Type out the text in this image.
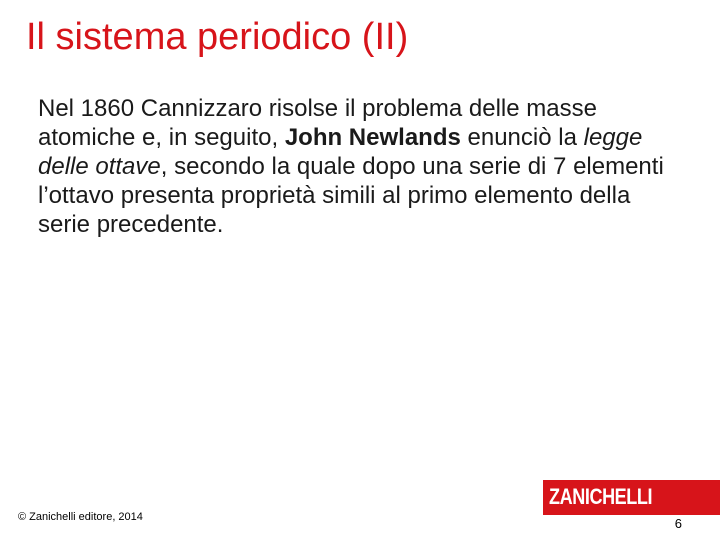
Il sistema periodico (II)

Nel 1860 Cannizzaro risolse il problema delle masse atomiche e, in seguito, John Newlands enunciò la legge delle ottave, secondo la quale dopo una serie di 7 elementi l’ottavo presenta proprietà simili al primo elemento della serie precedente.

© Zanichelli editore, 2014
ZANICHELLI
6
